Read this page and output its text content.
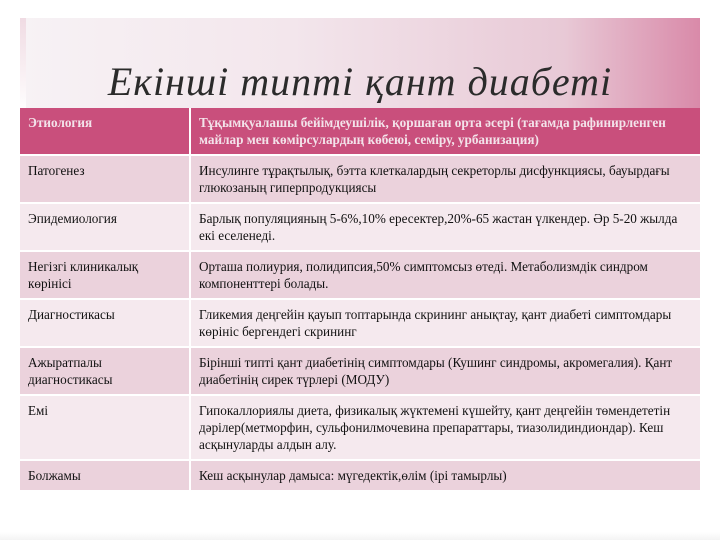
Екінші типті қант диабеті
Этиология	Тұқымқуалашы бейімдеушілік, қоршаған орта әсері (тағамда рафинирленген майлар мен көмірсулардың көбеюі, семіру, урбанизация)
Патогенез	Инсулинге тұрақтылық, бэтта клеткалардың секреторлы дисфункциясы, бауырдағы глюкозаның гиперпродукциясы
Эпидемиология	Барлық популяцияның 5-6%,10% ересектер,20%-65 жастан үлкендер. Әр 5-20 жылда екі еселенеді.
Негізгі клиникалық көрінісі	Орташа полиурия, полидипсия,50% симптомсыз өтеді. Метаболизмдік синдром компоненттері болады.
Диагностикасы	Гликемия деңгейін қауып топтарында скрининг анықтау, қант диабеті симптомдары көрініс бергендегі скрининг
Ажыратпалы диагностикасы	Бірінші типті қант диабетінің симптомдары (Кушинг синдромы, акромегалия). Қант диабетінің сирек түрлері (МОДУ)
Емі	Гипокаллориялы диета, физикалық жүктемені күшейту, қант деңгейін төмендететін дәрілер(метморфин, сульфонилмочевина препараттары, тиазолидиндиондар). Кеш асқынуларды алдын алу.
Болжамы	Кеш асқынулар дамыса: мүгедектік,өлім (ірі тамырлы)
